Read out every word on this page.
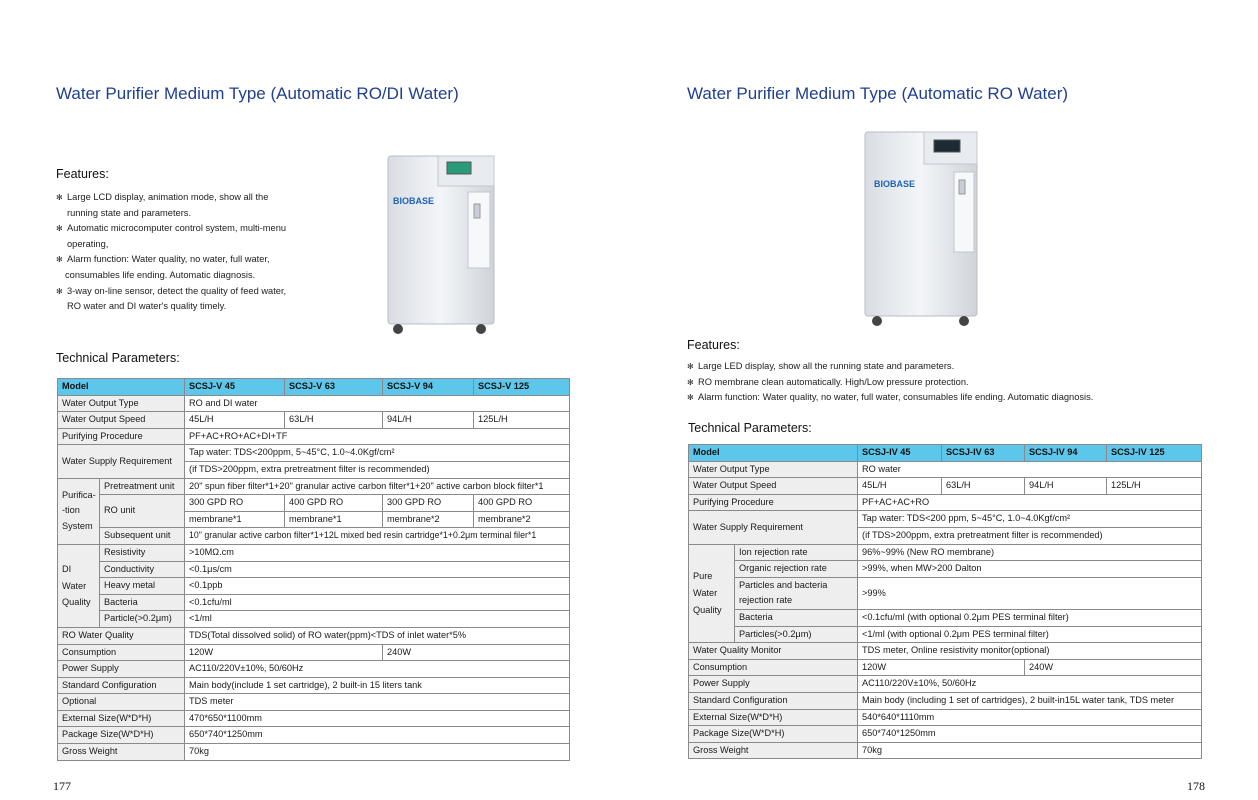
Water Purifier Medium Type (Automatic RO/DI Water)
Features:
✻ Large LCD display, animation mode, show all the
running state and parameters.
✻ Automatic microcomputer control system, multi-menu
operating,
✻ Alarm function: Water quality, no water, full water,
consumables life ending. Automatic diagnosis.
✻ 3-way on-line sensor, detect the quality of feed water,
RO water and DI water's quality timely.
BIOBASE
Technical Parameters:
Model		SCSJ-V 45	SCSJ-V 63	SCSJ-V 94	SCSJ-V 125
Water Output Type		RO and DI water			
Water Output Speed		45L/H	63L/H	94L/H	125L/H
Purifying Procedure		PF+AC+RO+AC+DI+TF			
Water Supply Requirement		Tap water: TDS<200ppm, 5~45°C, 1.0~4.0Kgf/cm²			
		(if TDS>200ppm, extra pretreatment filter is recommended)			
Purifica-
-tion
System	Pretreatment unit	20" spun fiber filter*1+20" granular active carbon filter*1+20" active carbon block filter*1			
	RO unit	300 GPD RO	400 GPD RO	300 GPD RO	400 GPD RO
		membrane*1	membrane*1	membrane*2	membrane*2
	Subsequent unit	10" granular active carbon filter*1+12L mixed bed resin cartridge*1+0.2μm terminal filer*1			
DI
Water
Quality	Resistivity	>10MΩ.cm			
	Conductivity	<0.1μs/cm			
	Heavy metal	<0.1ppb			
	Bacteria	<0.1cfu/ml			
	Particle(>0.2μm)	<1/ml			
RO Water Quality		TDS(Total dissolved solid) of RO water(ppm)<TDS of inlet water*5%			
Consumption		120W		240W	
Power Supply		AC110/220V±10%, 50/60Hz			
Standard Configuration		Main body(include 1 set cartridge), 2 built-in 15 liters tank			
Optional		TDS meter			
External Size(W*D*H)		470*650*1100mm			
Package Size(W*D*H)		650*740*1250mm			
Gross Weight		70kg			
177
Water Purifier Medium Type (Automatic RO Water)
BIOBASE
Features:
✻ Large LED display, show all the running state and parameters.
✻ RO membrane clean automatically. High/Low pressure protection.
✻ Alarm function: Water quality, no water, full water, consumables life ending. Automatic diagnosis.
Technical Parameters:
Model		SCSJ-IV 45	SCSJ-IV 63	SCSJ-IV 94	SCSJ-IV 125
Water Output Type		RO water			
Water Output Speed		45L/H	63L/H	94L/H	125L/H
Purifying Procedure		PF+AC+AC+RO			
Water Supply Requirement		Tap water: TDS<200 ppm, 5~45°C, 1.0~4.0Kgf/cm²			
		(if TDS>200ppm, extra pretreatment filter is recommended)			
Pure
Water
Quality	Ion rejection rate	96%~99% (New RO membrane)			
	Organic rejection rate	>99%, when MW>200 Dalton			
	Particles and bacteria
rejection rate	>99%			

	Bacteria	<0.1cfu/ml (with optional 0.2μm PES terminal filter)			
	Particles(>0.2μm)	<1/ml (with optional 0.2μm PES terminal filter)			
Water Quality Monitor		TDS meter, Online resistivity monitor(optional)			
Consumption		120W		240W	
Power Supply		AC110/220V±10%, 50/60Hz			
Standard Configuration		Main body (including 1 set of cartridges), 2 built-in15L water tank, TDS meter			
External Size(W*D*H)		540*640*1110mm			
Package Size(W*D*H)		650*740*1250mm			
Gross Weight		70kg			
178
